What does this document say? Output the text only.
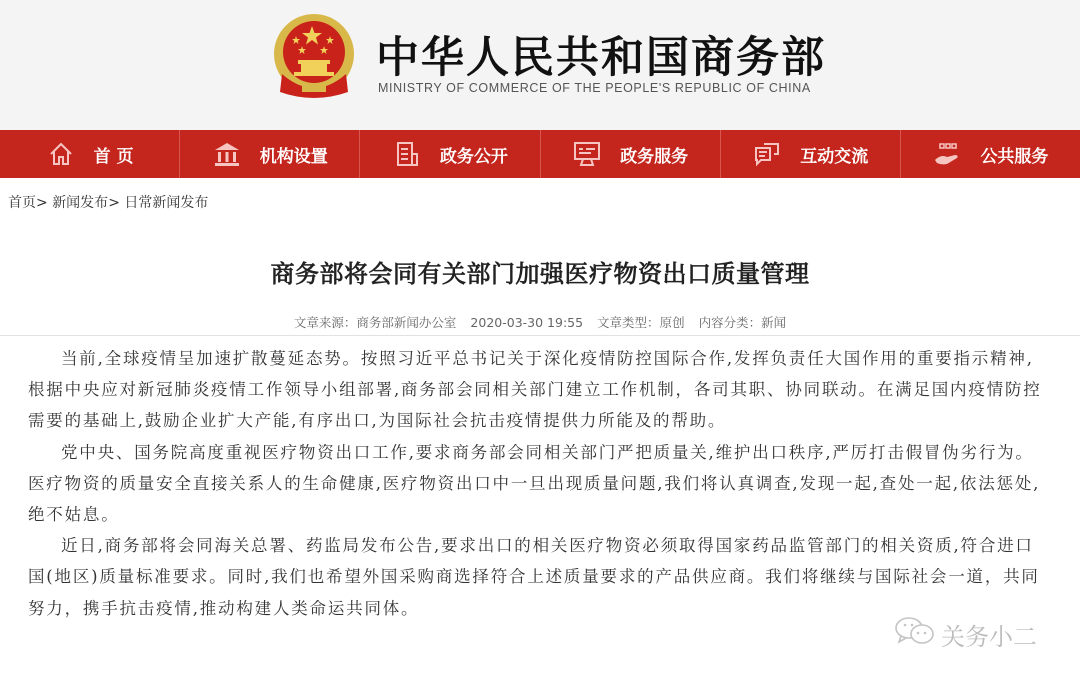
中华人民共和国商务部
MINISTRY OF COMMERCE OF THE PEOPLE'S REPUBLIC OF CHINA
首 页	机构设置	政务公开	政务服务	互动交流	公共服务
首页> 新闻发布> 日常新闻发布
商务部将会同有关部门加强医疗物资出口质量管理
文章来源：商务部新闻办公室 2020-03-30 19:55 文章类型：原创 内容分类：新闻

当前,全球疫情呈加速扩散蔓延态势。按照习近平总书记关于深化疫情防控国际合作,发挥负责任大国作用的重要指示精神,根据中央应对新冠肺炎疫情工作领导小组部署,商务部会同相关部门建立工作机制，各司其职、协同联动。在满足国内疫情防控需要的基础上,鼓励企业扩大产能,有序出口,为国际社会抗击疫情提供力所能及的帮助。

党中央、国务院高度重视医疗物资出口工作,要求商务部会同相关部门严把质量关,维护出口秩序,严厉打击假冒伪劣行为。医疗物资的质量安全直接关系人的生命健康,医疗物资出口中一旦出现质量问题,我们将认真调查,发现一起,查处一起,依法惩处,绝不姑息。

近日,商务部将会同海关总署、药监局发布公告,要求出口的相关医疗物资必须取得国家药品监管部门的相关资质,符合进口国(地区)质量标准要求。同时,我们也希望外国采购商选择符合上述质量要求的产品供应商。我们将继续与国际社会一道，共同努力，携手抗击疫情,推动构建人类命运共同体。

关务小二
